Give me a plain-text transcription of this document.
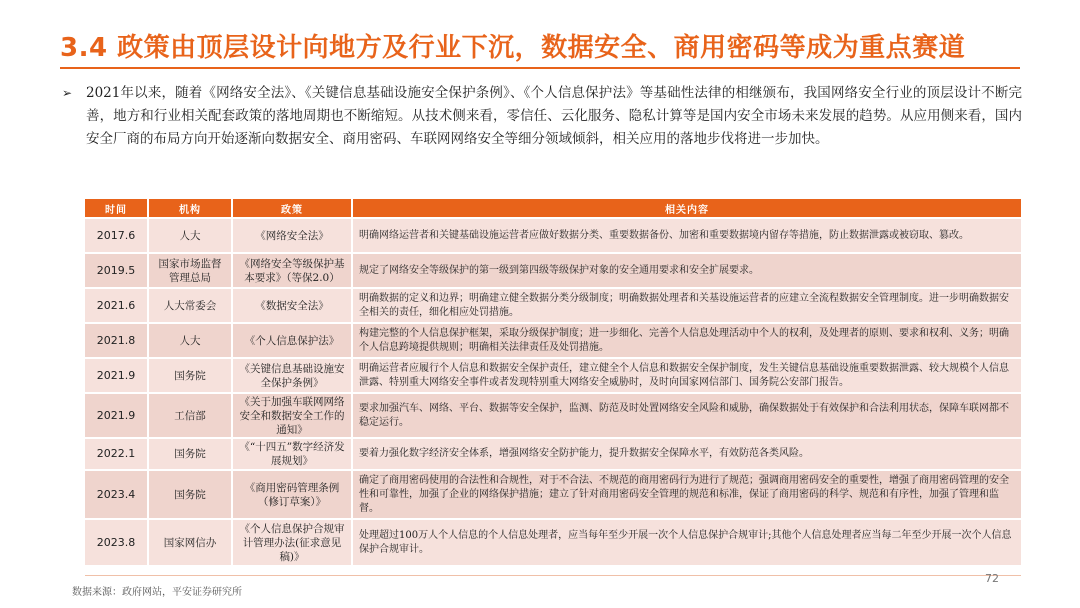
3.4 政策由顶层设计向地方及行业下沉，数据安全、商用密码等成为重点赛道
➢ 2021年以来，随着《网络安全法》、《关键信息基础设施安全保护条例》、《个人信息保护法》等基础性法律的相继颁布，我国网络安全行业的顶层设计不断完善，地方和行业相关配套政策的落地周期也不断缩短。从技术侧来看，零信任、云化服务、隐私计算等是国内安全市场未来发展的趋势。从应用侧来看，国内安全厂商的布局方向开始逐渐向数据安全、商用密码、车联网网络安全等细分领域倾斜，相关应用的落地步伐将进一步加快。
时间	机构	政策	相关内容
2017.6	人大	《网络安全法》	明确网络运营者和关键基础设施运营者应做好数据分类、重要数据备份、加密和重要数据境内留存等措施，防止数据泄露或被窃取、篡改。
2019.5	国家市场监督管理总局	《网络安全等级保护基本要求》（等保2.0）	规定了网络安全等级保护的第一级到第四级等级保护对象的安全通用要求和安全扩展要求。
2021.6	人大常委会	《数据安全法》	明确数据的定义和边界；明确建立健全数据分类分级制度；明确数据处理者和关基设施运营者的应建立全流程数据安全管理制度。进一步明确数据安全相关的责任，细化相应处罚措施。
2021.8	人大	《个人信息保护法》	构建完整的个人信息保护框架，采取分级保护制度；进一步细化、完善个人信息处理活动中个人的权利，及处理者的原则、要求和权利、义务；明确个人信息跨境提供规则；明确相关法律责任及处罚措施。
2021.9	国务院	《关键信息基础设施安全保护条例》	明确运营者应履行个人信息和数据安全保护责任，建立健全个人信息和数据安全保护制度，发生关键信息基础设施重要数据泄露、较大规模个人信息泄露、特别重大网络安全事件或者发现特别重大网络安全威胁时，及时向国家网信部门、国务院公安部门报告。
2021.9	工信部	《关于加强车联网网络安全和数据安全工作的通知》	要求加强汽车、网络、平台、数据等安全保护，监测、防范及时处置网络安全风险和威胁，确保数据处于有效保护和合法利用状态，保障车联网都不稳定运行。
2022.1	国务院	《“十四五”数字经济发展规划》	要着力强化数字经济安全体系，增强网络安全防护能力，提升数据安全保障水平，有效防范各类风险。
2023.4	国务院	《商用密码管理条例（修订草案）》	确定了商用密码使用的合法性和合规性，对于不合法、不规范的商用密码行为进行了规范；强调商用密码安全的重要性，增强了商用密码管理的安全性和可靠性，加强了企业的网络保护措施；建立了针对商用密码安全管理的规范和标准，保证了商用密码的科学、规范和有序性，加强了管理和监督。
2023.8	国家网信办	《个人信息保护合规审计管理办法(征求意见稿)》	处理超过100万人个人信息的个人信息处理者，应当每年至少开展一次个人信息保护合规审计;其他个人信息处理者应当每二年至少开展一次个人信息保护合规审计。
72
数据来源：政府网站，平安证券研究所
